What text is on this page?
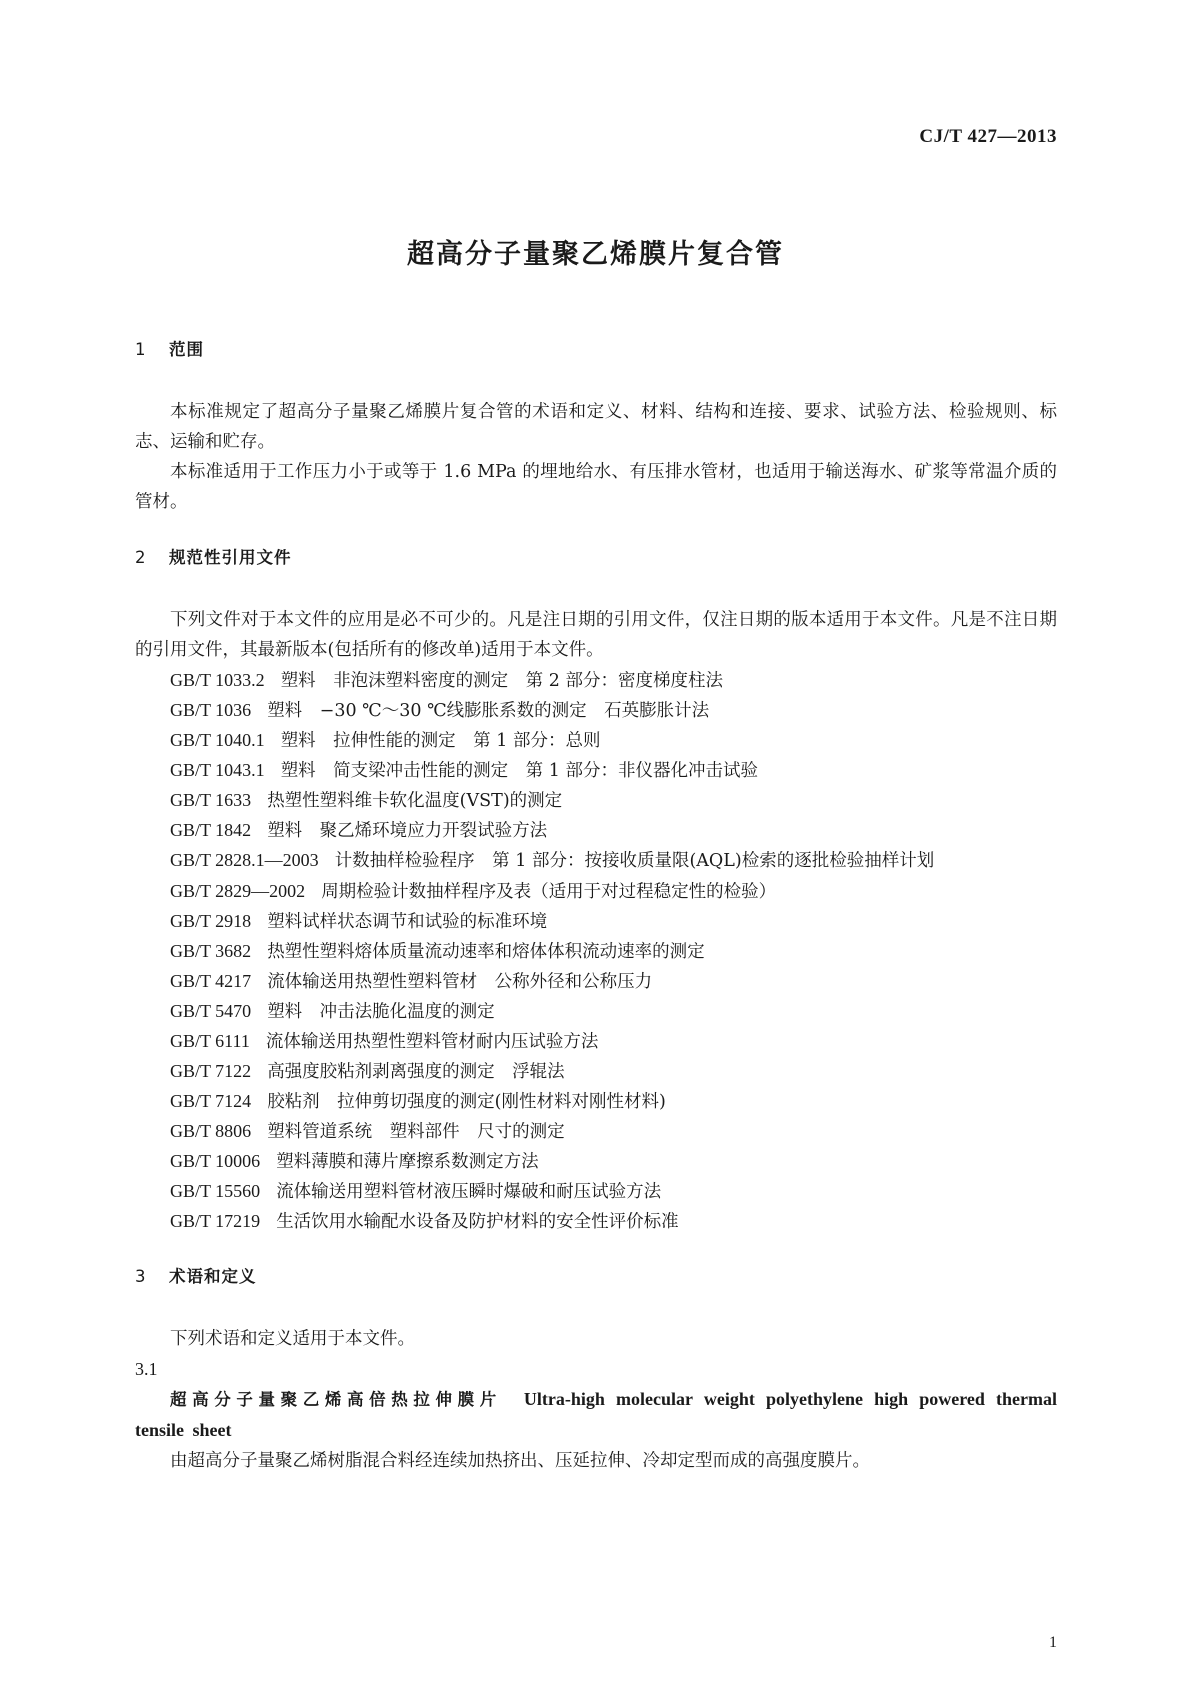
CJ/T 427—2013
超高分子量聚乙烯膜片复合管
1 范围
本标准规定了超高分子量聚乙烯膜片复合管的术语和定义、材料、结构和连接、要求、试验方法、检验规则、标志、运输和贮存。
本标准适用于工作压力小于或等于 1.6 MPa 的埋地给水、有压排水管材，也适用于输送海水、矿浆等常温介质的管材。
2 规范性引用文件
下列文件对于本文件的应用是必不可少的。凡是注日期的引用文件，仅注日期的版本适用于本文件。凡是不注日期的引用文件，其最新版本(包括所有的修改单)适用于本文件。
GB/T 1033.2 塑料　非泡沫塑料密度的测定　第 2 部分：密度梯度柱法
GB/T 1036 塑料　−30 ℃～30 ℃线膨胀系数的测定　石英膨胀计法
GB/T 1040.1 塑料　拉伸性能的测定　第 1 部分：总则
GB/T 1043.1 塑料　简支梁冲击性能的测定　第 1 部分：非仪器化冲击试验
GB/T 1633 热塑性塑料维卡软化温度(VST)的测定
GB/T 1842 塑料　聚乙烯环境应力开裂试验方法
GB/T 2828.1—2003 计数抽样检验程序　第 1 部分：按接收质量限(AQL)检索的逐批检验抽样计划
GB/T 2829—2002 周期检验计数抽样程序及表（适用于对过程稳定性的检验）
GB/T 2918 塑料试样状态调节和试验的标准环境
GB/T 3682 热塑性塑料熔体质量流动速率和熔体体积流动速率的测定
GB/T 4217 流体输送用热塑性塑料管材　公称外径和公称压力
GB/T 5470 塑料　冲击法脆化温度的测定
GB/T 6111 流体输送用热塑性塑料管材耐内压试验方法
GB/T 7122 高强度胶粘剂剥离强度的测定　浮辊法
GB/T 7124 胶粘剂　拉伸剪切强度的测定(刚性材料对刚性材料)
GB/T 8806 塑料管道系统　塑料部件　尺寸的测定
GB/T 10006 塑料薄膜和薄片摩擦系数测定方法
GB/T 15560 流体输送用塑料管材液压瞬时爆破和耐压试验方法
GB/T 17219 生活饮用水输配水设备及防护材料的安全性评价标准
3 术语和定义
下列术语和定义适用于本文件。
3.1
超高分子量聚乙烯高倍热拉伸膜片 Ultra-high molecular weight polyethylene high powered thermal tensile sheet
由超高分子量聚乙烯树脂混合料经连续加热挤出、压延拉伸、冷却定型而成的高强度膜片。
1
